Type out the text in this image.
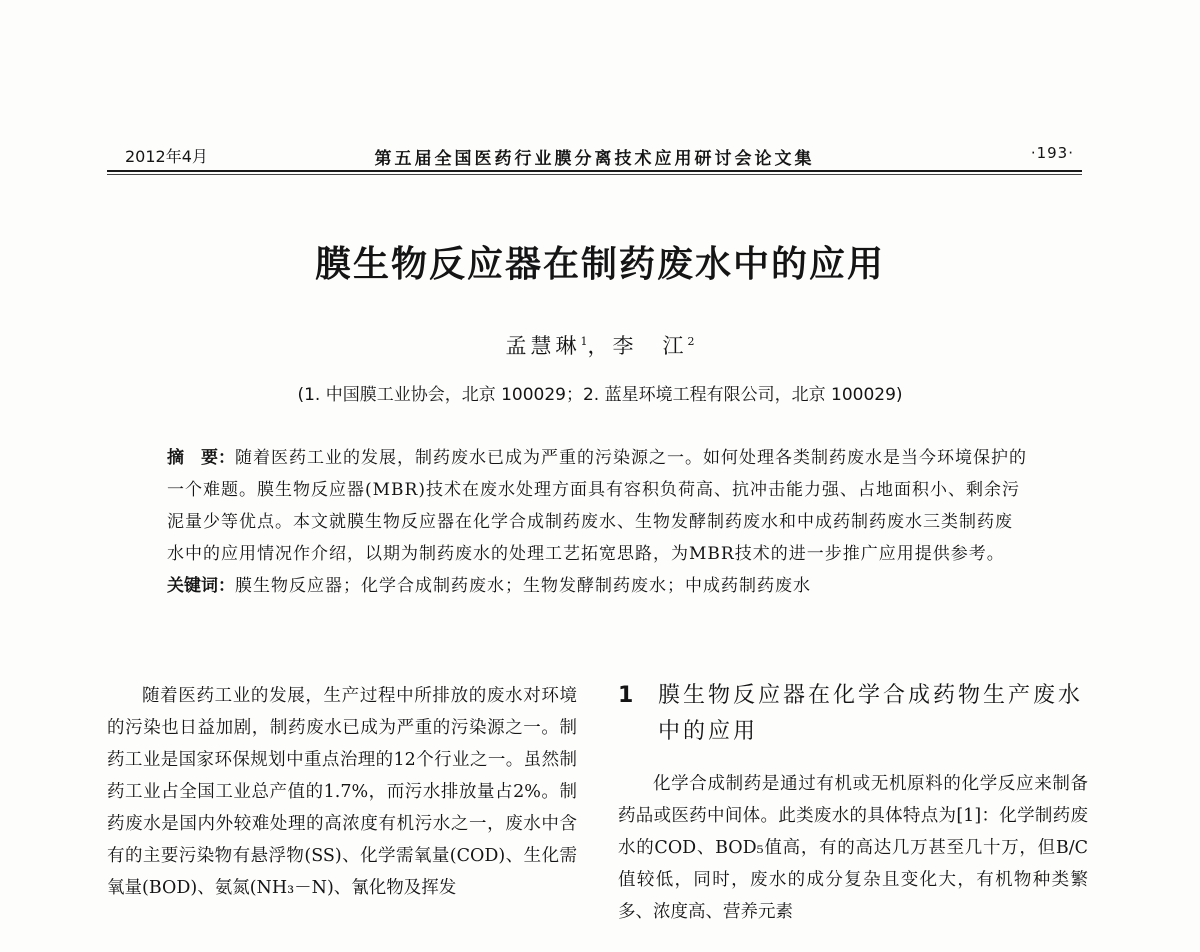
2012年4月	第五届全国医药行业膜分离技术应用研讨会论文集	·193·
膜生物反应器在制药废水中的应用
孟慧琳$^1$，李　江$^2$
(1. 中国膜工业协会，北京 100029；2. 蓝星环境工程有限公司，北京 100029)

摘　要：随着医药工业的发展，制药废水已成为严重的污染源之一。如何处理各类制药废水是当今环境保护的一个难题。膜生物反应器(MBR)技术在废水处理方面具有容积负荷高、抗冲击能力强、占地面积小、剩余污泥量少等优点。本文就膜生物反应器在化学合成制药废水、生物发酵制药废水和中成药制药废水三类制药废水中的应用情况作介绍，以期为制药废水的处理工艺拓宽思路，为MBR技术的进一步推广应用提供参考。

关键词：膜生物反应器；化学合成制药废水；生物发酵制药废水；中成药制药废水

随着医药工业的发展，生产过程中所排放的废水对环境的污染也日益加剧，制药废水已成为严重的污染源之一。制药工业是国家环保规划中重点治理的12个行业之一。虽然制药工业占全国工业总产值的1.7%，而污水排放量占2%。制药废水是国内外较难处理的高浓度有机污水之一，废水中含有的主要污染物有悬浮物(SS)、化学需氧量(COD)、生化需氧量(BOD)、氨氮(NH₃－N)、氰化物及挥发

1	膜生物反应器在化学合成药物生产废水中的应用

化学合成制药是通过有机或无机原料的化学反应来制备药品或医药中间体。此类废水的具体特点为[1]：化学制药废水的COD、BOD₅值高，有的高达几万甚至几十万，但B/C值较低，同时，废水的成分复杂且变化大，有机物种类繁多、浓度高、营养元素
